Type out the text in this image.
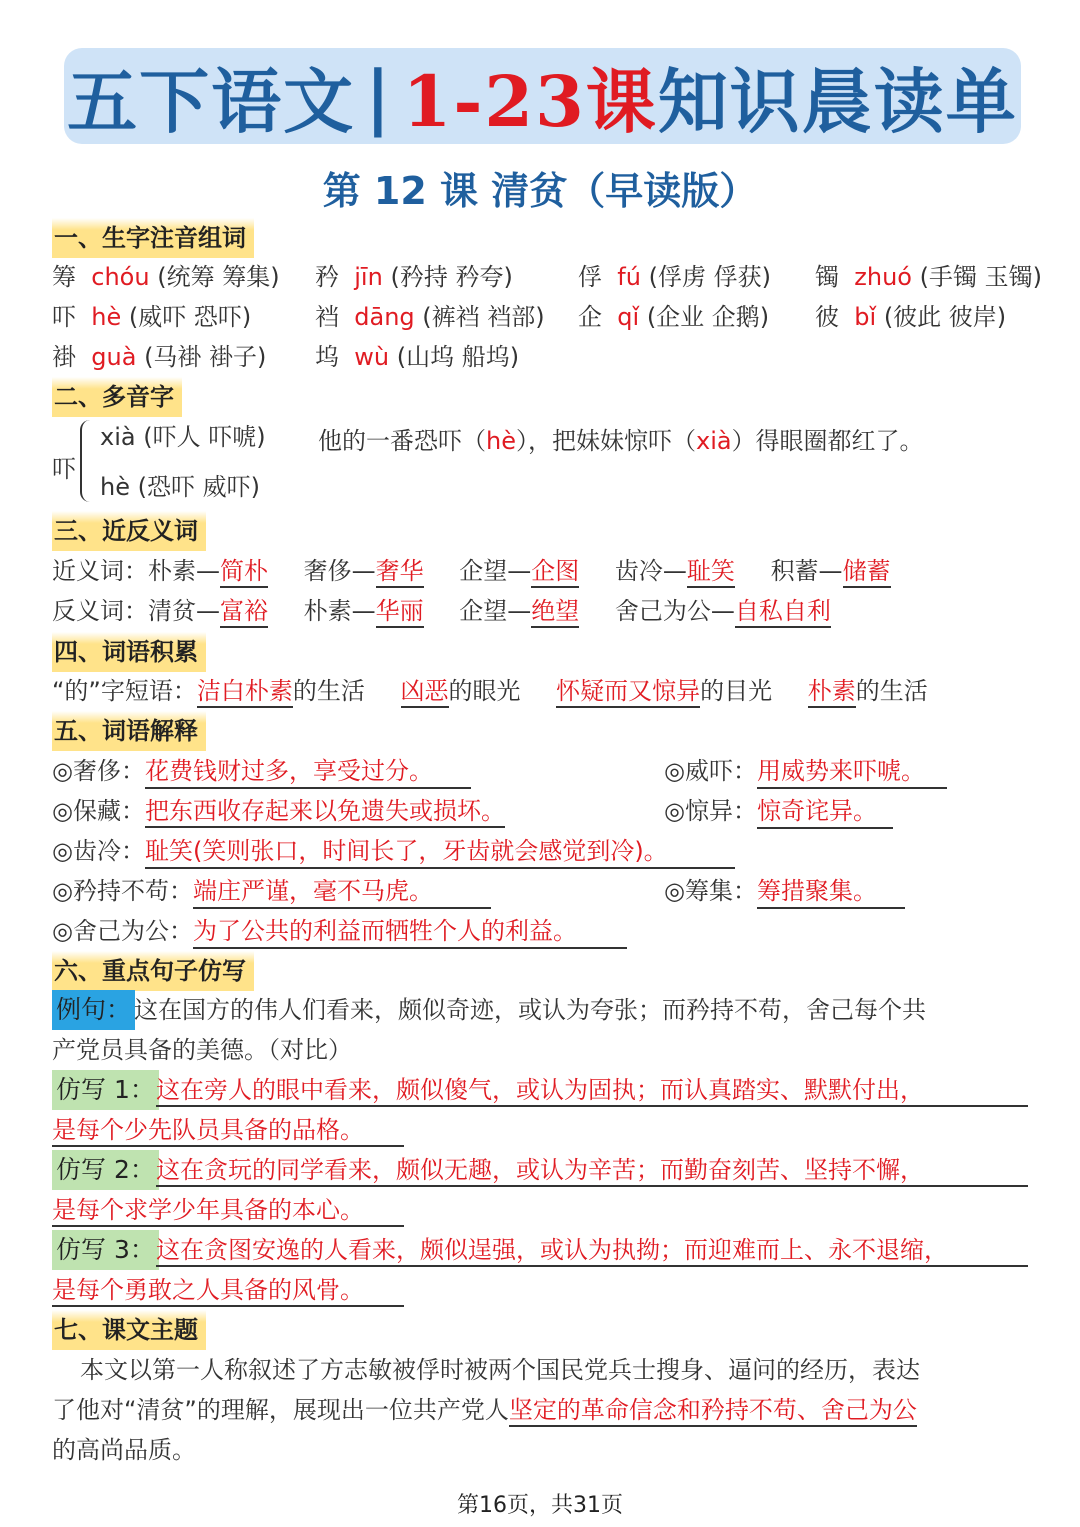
五下语文 | 1-23课 知识晨读单
第 12 课 清贫（早读版）
一、生字注音组词
筹 chóu (统筹 筹集) 矜 jīn (矜持 矜夸)	俘 fú (俘虏 俘获) 镯 zhuó (手镯 玉镯)
吓 hè (威吓 恐吓)	裆 dāng (裤裆 裆部) 企 qǐ (企业 企鹅) 彼 bǐ (彼此 彼岸)
褂 guà (马褂 褂子) 坞 wù (山坞 船坞)
二、多音字
吓
xià (吓人 吓唬)
hè (恐吓 威吓)
他的一番恐吓（hè），把妹妹惊吓（xià）得眼圈都红了。
三、近反义词
近义词：朴素—简朴 奢侈—奢华 企望—企图 齿冷—耻笑 积蓄—储蓄
反义词：清贫—富裕 朴素—华丽 企望—绝望 舍己为公—自私自利
四、词语积累
“的”字短语：洁白朴素的生活 凶恶的眼光 怀疑而又惊异的目光 朴素的生活
五、词语解释
◎奢侈：花费钱财过多，享受过分。	◎威吓：用威势来吓唬。
◎保藏：把东西收存起来以免遗失或损坏。	◎惊异：惊奇诧异。
◎齿冷：耻笑(笑则张口，时间长了，牙齿就会感觉到冷)。
◎矜持不苟：端庄严谨，毫不马虎。	◎筹集：筹措聚集。
◎舍己为公：为了公共的利益而牺牲个人的利益。
六、重点句子仿写
例句： 这在国方的伟人们看来，颇似奇迹，或认为夸张；而矜持不苟，舍己每个共
产党员具备的美德。（对比）
仿写 1： 这在旁人的眼中看来，颇似傻气，或认为固执；而认真踏实、默默付出，
是每个少先队员具备的品格。
仿写 2： 这在贪玩的同学看来，颇似无趣，或认为辛苦；而勤奋刻苦、坚持不懈，
是每个求学少年具备的本心。
仿写 3： 这在贪图安逸的人看来，颇似逞强，或认为执拗；而迎难而上、永不退缩，
是每个勇敢之人具备的风骨。
七、课文主题
本文以第一人称叙述了方志敏被俘时被两个国民党兵士搜身、逼问的经历，表达
了他对“清贫”的理解，展现出一位共产党人坚定的革命信念和矜持不苟、舍己为公
的高尚品质。
第16页，共31页
